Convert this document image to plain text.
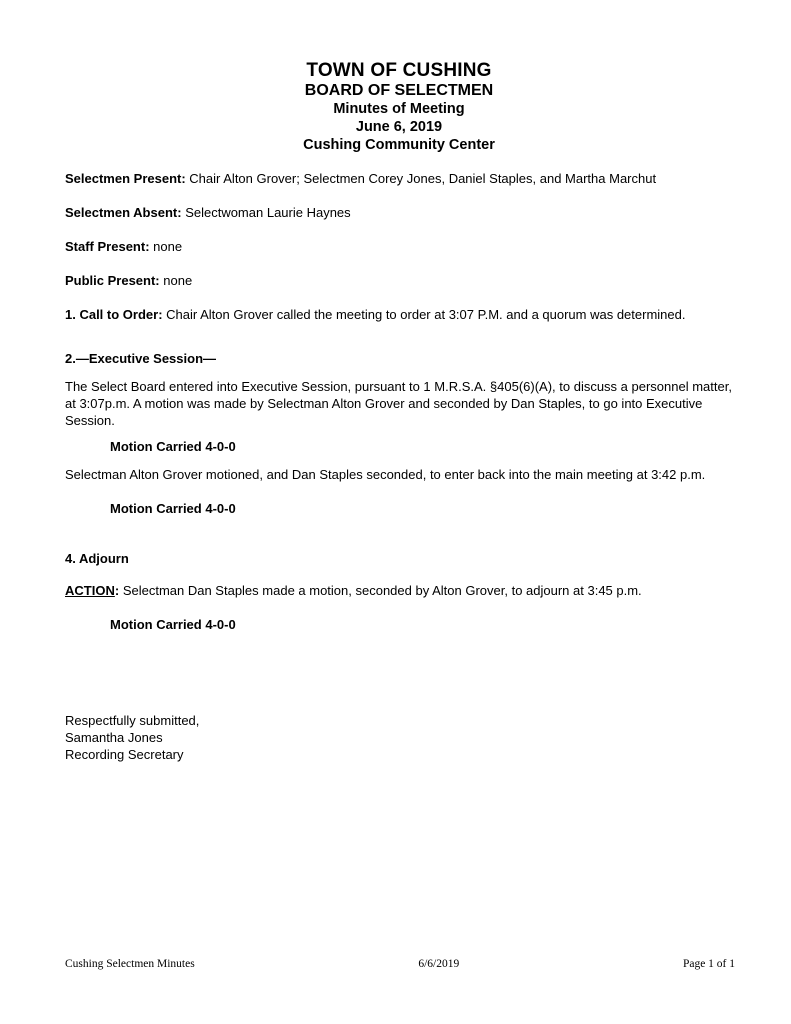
TOWN OF CUSHING
BOARD OF SELECTMEN
Minutes of Meeting
June 6, 2019
Cushing Community Center

Selectmen Present: Chair Alton Grover; Selectmen Corey Jones, Daniel Staples, and Martha Marchut

Selectmen Absent: Selectwoman Laurie Haynes

Staff Present: none

Public Present: none

1. Call to Order: Chair Alton Grover called the meeting to order at 3:07 P.M. and a quorum was determined.

2.—Executive Session—

The Select Board entered into Executive Session, pursuant to 1 M.R.S.A. §405(6)(A), to discuss a personnel matter, at 3:07p.m. A motion was made by Selectman Alton Grover and seconded by Dan Staples, to go into Executive Session.

Motion Carried 4-0-0

Selectman Alton Grover motioned, and Dan Staples seconded, to enter back into the main meeting at 3:42 p.m.

Motion Carried 4-0-0

4. Adjourn

ACTION: Selectman Dan Staples made a motion, seconded by Alton Grover, to adjourn at 3:45 p.m.

Motion Carried 4-0-0

Respectfully submitted,

Samantha Jones

Recording Secretary

Cushing Selectmen Minutes	6/6/2019	Page 1 of 1
